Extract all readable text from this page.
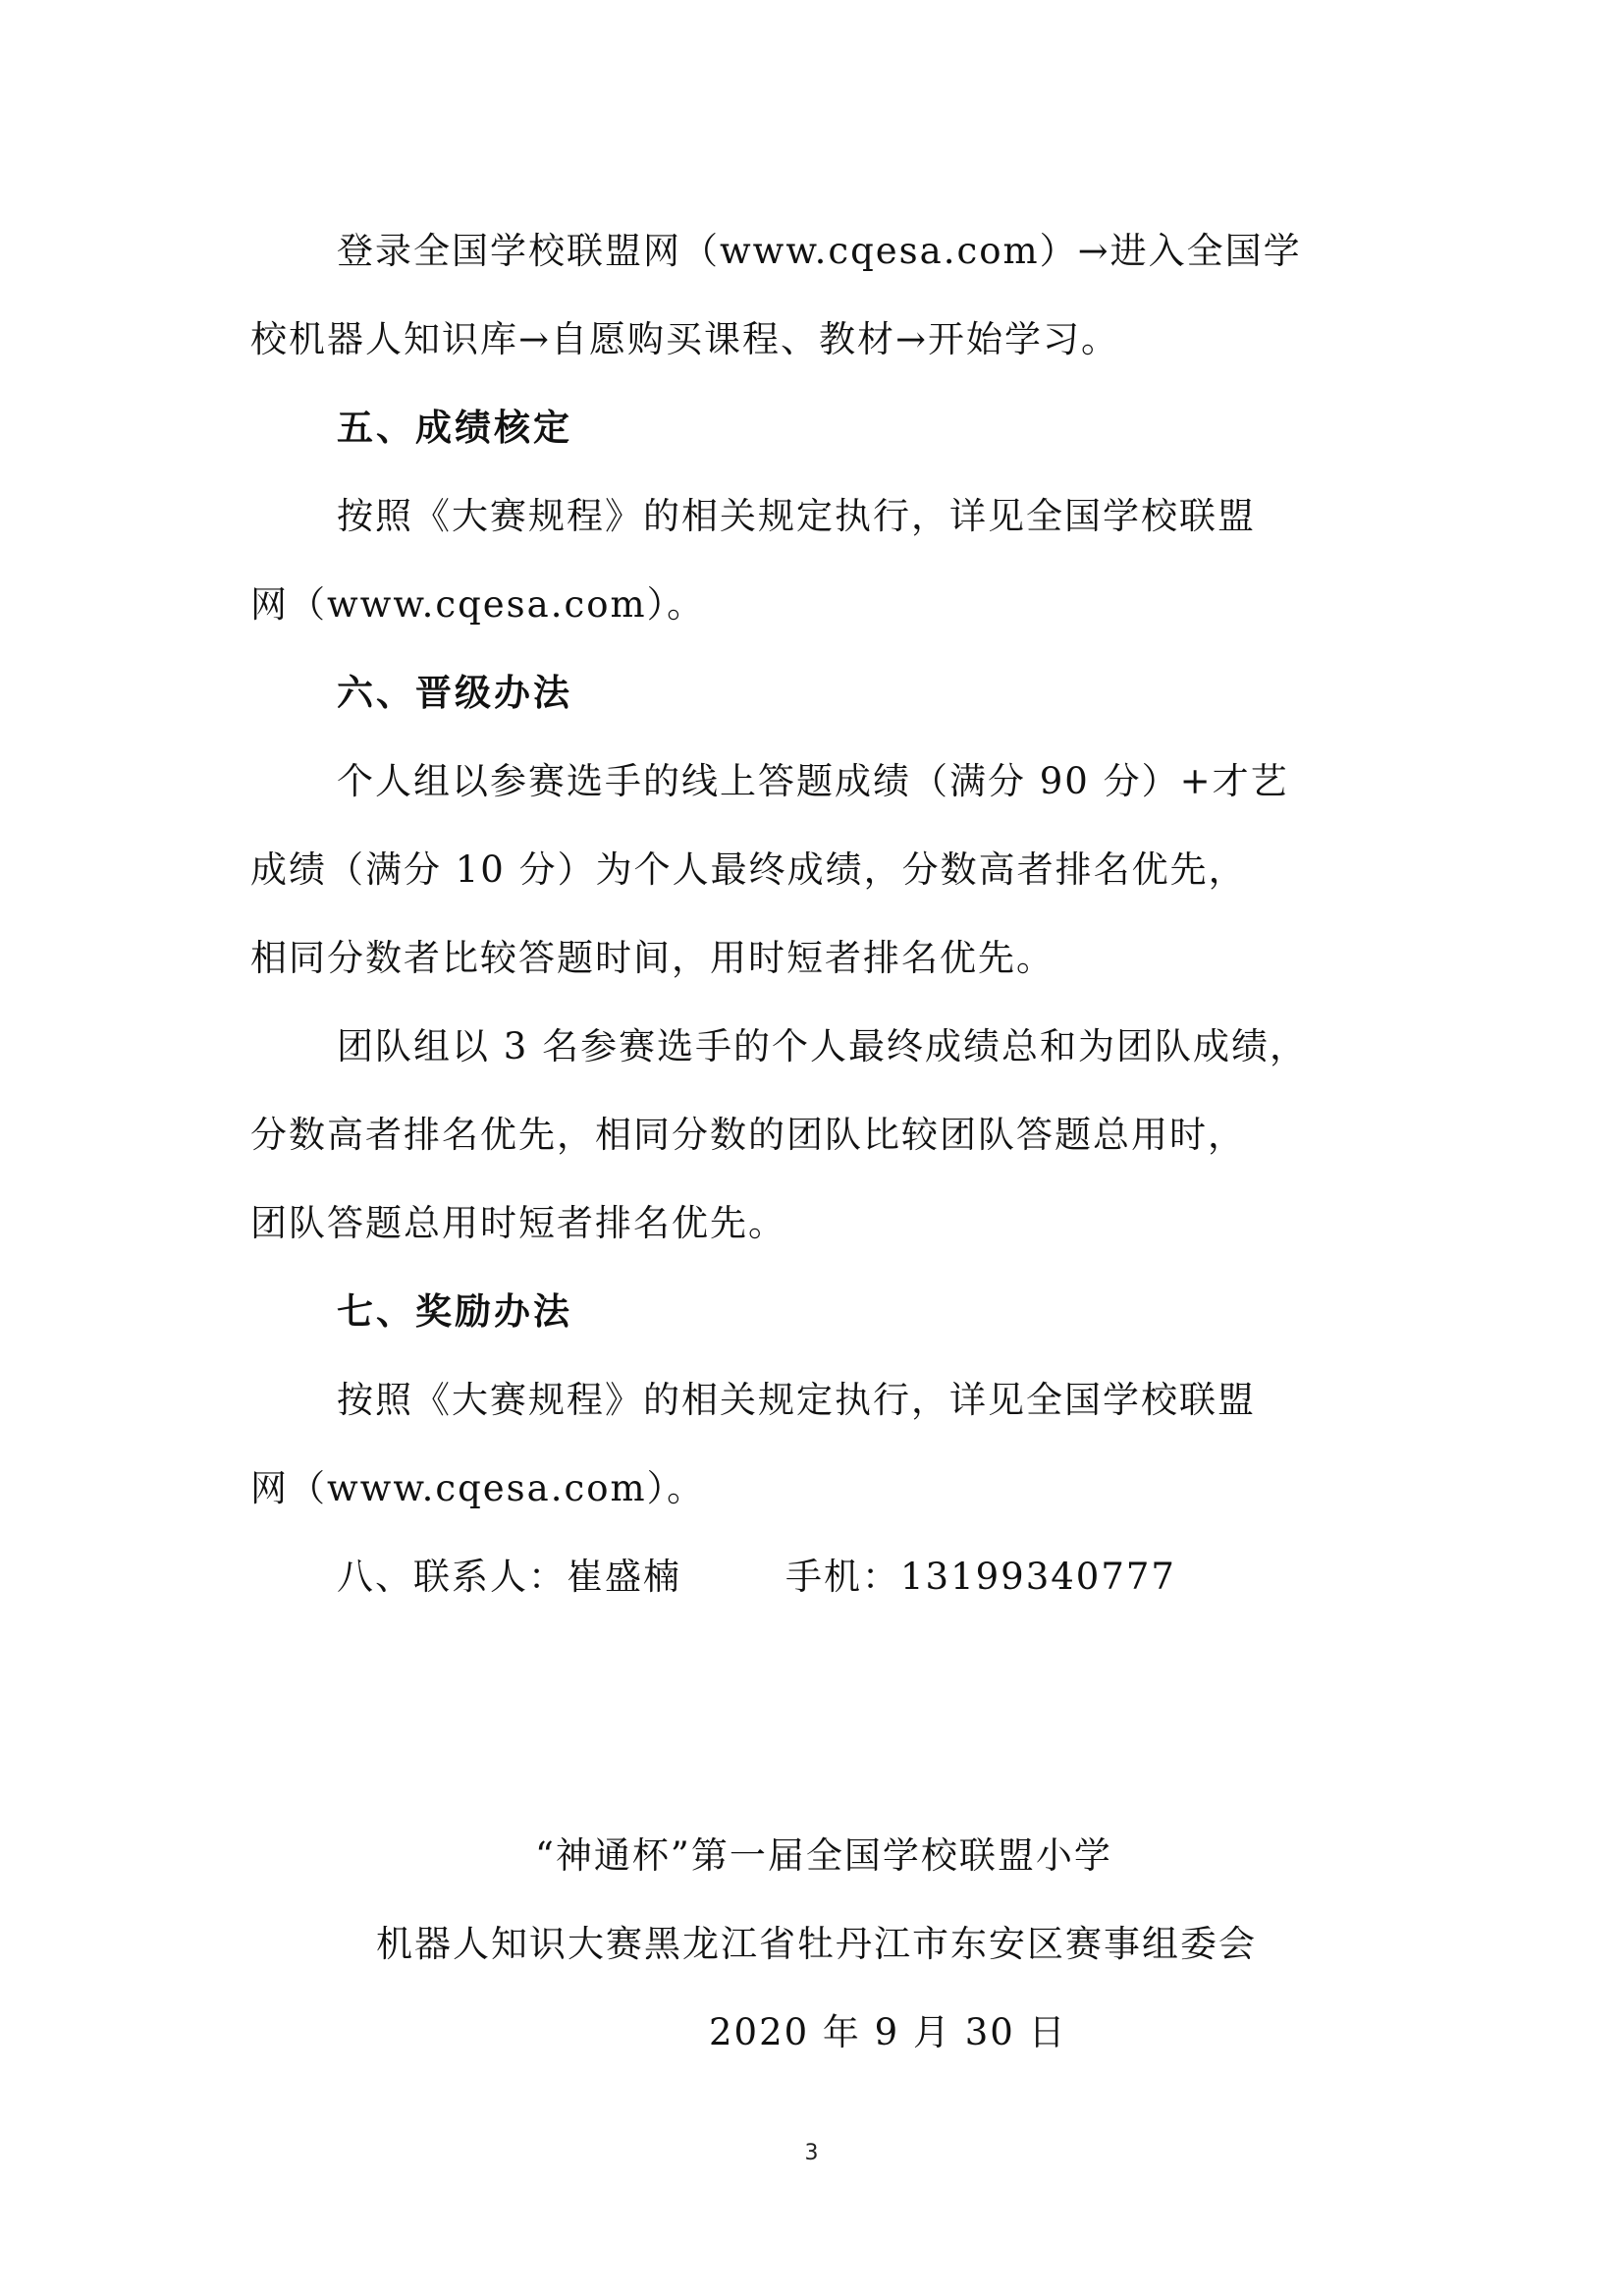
登录全国学校联盟网（www.cqesa.com）→进入全国学
校机器人知识库→自愿购买课程、教材→开始学习。
五、成绩核定
按照《大赛规程》的相关规定执行，详见全国学校联盟
网（www.cqesa.com）。
六、晋级办法
个人组以参赛选手的线上答题成绩（满分 90 分）+才艺
成绩（满分 10 分）为个人最终成绩，分数高者排名优先，
相同分数者比较答题时间，用时短者排名优先。
团队组以 3 名参赛选手的个人最终成绩总和为团队成绩，
分数高者排名优先，相同分数的团队比较团队答题总用时，
团队答题总用时短者排名优先。
七、奖励办法
按照《大赛规程》的相关规定执行，详见全国学校联盟
网（www.cqesa.com）。
八、联系人：崔盛楠	手机：13199340777
“神通杯”第一届全国学校联盟小学
机器人知识大赛黑龙江省牡丹江市东安区赛事组委会
2020 年 9 月 30 日
3
